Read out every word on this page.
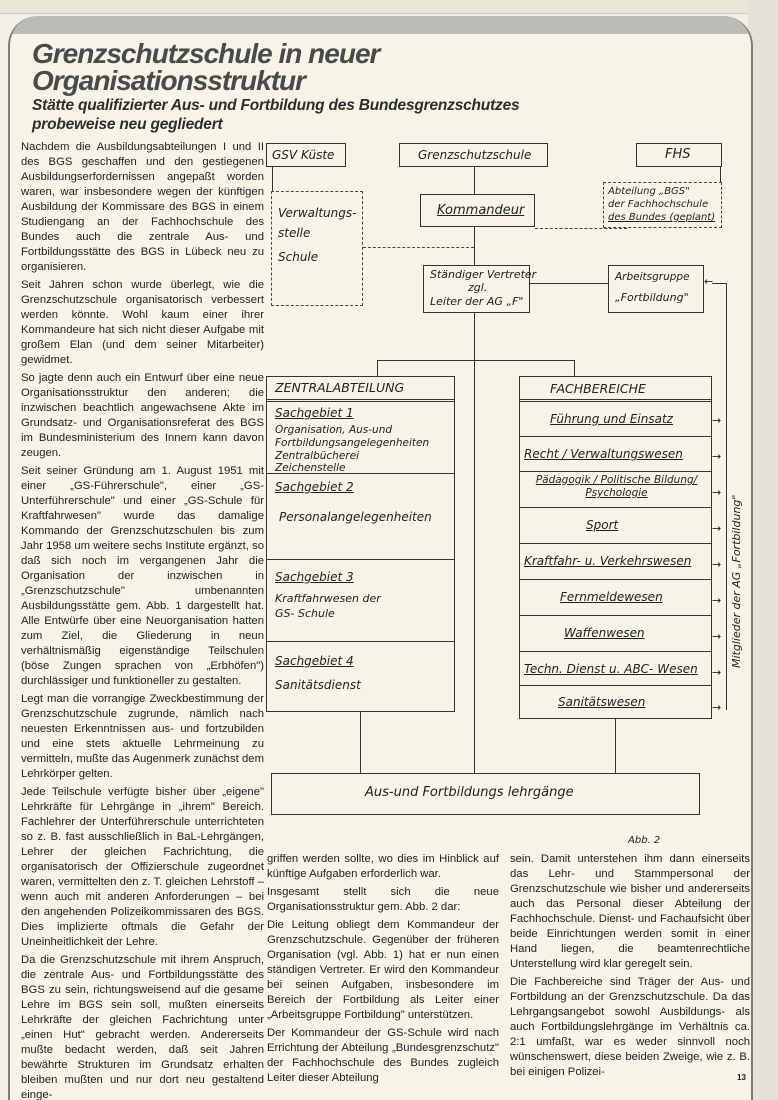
Grenzschutzschule in neuer
Organisationsstruktur
Stätte qualifizierter Aus- und Fortbildung des Bundesgrenzschutzes
probeweise neu gegliedert

Nachdem die Ausbildungsabteilungen I und II des BGS geschaffen und den gestiegenen Ausbildungserfordernissen angepaßt worden waren, war insbesondere wegen der künftigen Ausbildung der Kommissare des BGS in einem Studiengang an der Fachhochschule des Bundes auch die zentrale Aus- und Fortbildungsstätte des BGS in Lübeck neu zu organisieren.

Seit Jahren schon wurde überlegt, wie die Grenzschutzschule organisatorisch verbessert werden könnte. Wohl kaum einer ihrer Kommandeure hat sich nicht dieser Aufgabe mit großem Elan (und dem seiner Mitarbeiter) gewidmet.

So jagte denn auch ein Entwurf über eine neue Organisationsstruktur den anderen; die inzwischen beachtlich angewachsene Akte im Grundsatz- und Organisationsreferat des BGS im Bundesministerium des Innern kann davon zeugen.

Seit seiner Gründung am 1. August 1951 mit einer „GS-Führerschule", einer „GS-Unterführerschule" und einer „GS-Schule für Kraftfahrwesen" wurde das damalige Kommando der Grenzschutzschulen bis zum Jahr 1958 um weitere sechs Institute ergänzt, so daß sich noch im vergangenen Jahr die Organisation der inzwischen in „Grenzschutzschule" umbenannten Ausbildungsstätte gem. Abb. 1 dargestellt hat. Alle Entwürfe über eine Neuorganisation hatten zum Ziel, die Gliederung in neun verhältnismäßig eigenständige Teilschulen (böse Zungen sprachen von „Erbhöfen") durchlässiger und funktioneller zu gestalten.

Legt man die vorrangige Zweckbestimmung der Grenzschutzschule zugrunde, nämlich nach neuesten Erkenntnissen aus- und fortzubilden und eine stets aktuelle Lehrmeinung zu vermitteln, mußte das Augenmerk zunächst dem Lehrkörper gelten.

Jede Teilschule verfügte bisher über „eigene" Lehrkräfte für Lehrgänge in „ihrem" Bereich. Fachlehrer der Unterführerschule unterrichteten so z. B. fast ausschließlich in BaL-Lehrgängen, Lehrer der gleichen Fachrichtung, die organisatorisch der Offizierschule zugeordnet waren, vermittelten den z. T. gleichen Lehrstoff – wenn auch mit anderen Anforderungen – bei den angehenden Polizeikommissaren des BGS. Dies implizierte oftmals die Gefahr der Uneinheitlichkeit der Lehre.

Da die Grenzschutzschule mit ihrem Anspruch, die zentrale Aus- und Fortbildungsstätte des BGS zu sein, richtungsweisend auf die gesame Lehre im BGS sein soll, mußten einerseits Lehrkräfte der gleichen Fachrichtung unter „einen Hut" gebracht werden. Andererseits mußte bedacht werden, daß seit Jahren bewährte Strukturen im Grundsatz erhalten bleiben mußten und nur dort neu gestaltend einge-

griffen werden sollte, wo dies im Hinblick auf künftige Aufgaben erforderlich war.

Insgesamt stellt sich die neue Organisationsstruktur gem. Abb. 2 dar:

Die Leitung obliegt dem Kommandeur der Grenzschutzschule. Gegenüber der früheren Organisation (vgl. Abb. 1) hat er nun einen ständigen Vertreter. Er wird den Kommandeur bei seinen Aufgaben, insbesondere im Bereich der Fortbildung als Leiter einer „Arbeitsgruppe Fortbildung" unterstützen.

Der Kommandeur der GS-Schule wird nach Errichtung der Abteilung „Bundesgrenzschutz" der Fachhochschule des Bundes zugleich Leiter dieser Abteilung

sein. Damit unterstehen ihm dann einerseits das Lehr- und Stammpersonal der Grenzschutzschule wie bisher und andererseits auch das Personal dieser Abteilung der Fachhochschule. Dienst- und Fachaufsicht über beide Einrichtungen werden somit in einer Hand liegen, die beamtenrechtliche Unterstellung wird klar geregelt sein.

Die Fachbereiche sind Träger der Aus- und Fortbildung an der Grenzschutzschule. Da das Lehrgangsangebot sowohl Ausbildungs- als auch Fortbildungslehrgänge im Verhältnis ca. 2:1 umfaßt, war es weder sinnvoll noch wünschenswert, diese beiden Zweige, wie z. B. bei einigen Polizei-	13
GSV Küste	Grenzschutzschule	FHS
Verwaltungs-
stelle
Schule
Kommandeur
Abteilung „BGS"
der Fachhochschule
des Bundes (geplant)
Ständiger Vertreter
zgl.
Leiter der AG „F"
Arbeitsgruppe
„Fortbildung"
←
ZENTRALABTEILUNG
Sachgebiet 1
Organisation, Aus-und
Fortbildungsangelegenheiten
Zentralbücherei
Zeichenstelle
Sachgebiet 2
Personalangelegenheiten
Sachgebiet 3
Kraftfahrwesen der
GS- Schule
Sachgebiet 4
Sanitätsdienst
FACHBEREICHE
Führung und Einsatz
Recht / Verwaltungswesen
Pädagogik / Politische Bildung/ Psychologie
Sport
Kraftfahr- u. Verkehrswesen
Fernmeldewesen
Waffenwesen
Techn. Dienst u. ABC- Wesen
Sanitätswesen
→
→
→
→
→
→
→
→
→
Mitglieder der AG „Fortbildung"
Aus-und Fortbildungs lehrgänge
Abb. 2
